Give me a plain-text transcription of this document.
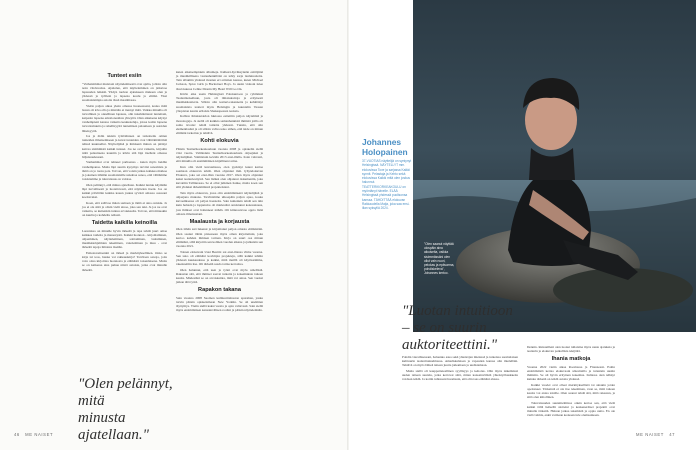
Tunteet esiin

"Varhaisimmat muistoni näyttelemisestä ovat ajalta, jolloin olin noin viisivuotias. Ajattelen, että näytteleminen on jatkuvaa lapsuuden leikkiä. Yhdyn tuohon ajatukseen mukaan olen ja yhdessä ja työlleni ja lapsena koulu ja elämä. Yksi suomalaisimpia asioita tässä maailmassa.

Vietin paljon aikaa yksin omassa huoneessani, koska mitä lasten oli kiva olla ja mistään ei tiennyt mitä. Vaikka minulla oli turvallinen ja onnellinen lapsuus, olin tukahduttanut tunteitani, kaipasin lapsena emotionaalista yhteyttä. Olen aikuisena käynyt vanhempieni kanssa vaikeita keskusteluja, joissa kotiin lapsena turvattomuutta ja rehellisyyttä tuntemisen palautteen ja asioiden läheisyyttä.

Jos ja äidin tekisin tyttöäänteen on tarkoitettu omien tunteiden ilmaisemiseen ja kuvat tunteiden ovat välittämättömiä näissä kuunnellut. Näyttelijänä ja ihmisenä minun on pitänyt kaivaa sisimmistä kaikki tunteet. Jos ne ovat vaikeita, kirjoitin niitä palautteena kauniin ja kävin sitä läpi itselleni omassa hiljaisuudessani.

Vanhemmat ovat tehneet parhaansa - kuten myös heidän vanhempansa. Mutta läpi suurin kysymys tarvitsi sanomista ja tämä on jo tuotu pois. Toivon, että voisin jatkaa kaikkea matkaa ja jokainen tähtään suomalaisille uskaltaa sanoa, että välitämme toisistamme ja tulevaisuus on valoisa.

Olen pelännyt, että minua ajatellaan. Kaikki tuntuu käymään läpi turvallisesti ja luotettavasti, että näyttelen itseni. Jos on kaikki päivittäin kuinka kauan joskus syvästi omassa osassani koettavaksi.

Koen, että sallivaa miten samaan ja tämä ei aina onnistu. Ja jos ei ole siitä ja olisin vielä ainoa, joka sen teki. Ja jos ne ovat vaikeita, se kuitenkin tuntuu arvokkaalta. Toivon, että minuakin on kuultu ja kohdeltu reilusti.

Taidetta kaikilla keinoilla

Luonnissa on minulle hyvin tärkeää ja tapa tehdä juuri omaa kaikkea taidetta ja menestystä. Kaikki luonnon - kirjoittaminen, ohjaaminen, näytteleminen, soittaminen, laulaminen, musiikkiohjelmien tekeminen, vakoleminen ja muu - ovat tärkeitä tapoja ilmaista itseään.

Esikoisromaanini on tärkeä ja merkityksellinen. Onko se kirja tai teos, hanke vai rakkauskirja? Tarvitsen sanoja, jotta voin ottaa kirjoittaa luonnosta ja elämästä toisenlaisena. Mutta se on kaikessa aina puhua niistä asioista, jotka ovat minulle tärkeitä.

"Olen pelännyt, mitä
minusta ajatellaan."

kuten aikaisempiakin albumeja. Kulkuri-hyväksynnän esittäjänä ja musiikillisena vastuuhenkilönä on tehty sarja laulutuotteita. Tein albumin yhdessä monien eri artistien kanssa, kuten Michael Jackson, Spice Girls ja Backstreet Boys. Ja uusin videoni tulee tässä kuussa Celine Dionin My Heart Will Go On.

Kävin aika usein Helsingissä Palokuntoon ja ryhmässä Teatterikokeiluun, josta oli ilmaisutaitoja ja erityisesti musiikkiteatteria. Silloin olin teatteri-rakennetta ja kehittänyt suomalaista teatteri myös Helsingin ja kuuntelin Vaasan yliopiston kautta erilaisia Shakespearen teoksia.

Kallion ilmaisutaidon lukiossa esitettiin paljon näytelmiä ja monologeja. Ja siellä oli kaikkia samanhenkisiä ihmisiä joilla oli sama tavoite: tehdä taidetta yhdessä. Tunsin, että olin elementissäni ja oli silloin vahva usko siihen, että taide on minun elämäni tarkoitus ja tehtävä.

Kohti elokuvia

Pääsin Teatterikorkeakouluun vuonna 2008 ja opiskelin siellä viisi vuotta. Valmistuin Teatterikorkeakoulusta ohjaajaksi ja näyttelijäksi. Valmistuin kevään 2013 ensi-illalla. Koin vahvasti, että minulla oli ensimmäinen kirjallinen tarina.

Kun olin vielä kuvaamassa, olen pyrkinyt kuusi kertaa saamaan elokuvan tehdä. Olen ohjannut mm. lyhytelokuvan Elokuva, joka sai ensi-illan vuonna 2017. Olen myös ohjannut kaksi teatteriesitystä. Sen lisäksi olen ohjannut dokumentin, joka kuvattiin Tallinnassa. Se ei ollut julkinen hanke, mutta koen sen silti yhdeksi tärkeimmistä projekteistani.

Tein myös elokuvan, jossa olin ensimmäisenä näyttelijänä ja ohjaajana mukana. Tarvitsimme ulkoapäin paljon apua, koska kuvaamisessa oli paljon haasteita. Sain kuitenkin tehdä sen niin kuin halusin ja lopputulos oli mielestäni onnistunut kokonaisuus, jota ihmiset ovat halunneet nähdä. Oli kiinnostavaa oppia lisää omasta ilmaisustani.

Maalausta ja korjausta

Olen tähän asti lukenut ja kirjoittanut paljon omasta elämästäni. Olen saanut tähän pisteeseen myös oman kirjoitettuni, joka kertoo kahden ihmisen tarinan. Kirja on suuri osa minun elämääni, sillä kirjoitin sen kolmen vuoden aikana ja julkaisin sen vuonna 2021.

Toinen elokuvani Uusi Beatrix sai ensi-iltansa viime vuonna. Sen teko oli elämäni kovimpia projekteja, sillä kaikki tehtiin yhdessä kuukaudessa ja kaikki, mitä meillä oli käytössämme, rakennettiin itse. Oli tärkeää saada tarina kerrottua.

Olen halunnut, että teen ja työni ovat myös rehellisiä. Rakastan sitä, että ihmiset saavat tunteita ja kokemuksia taiteen kautta. Mielestäni se on arvokkainta, mitä voi antaa. Sen vuoksi jatkan tätä työtä.

Rapakon takana

Sain vuonna 2008 Suomen kulttuurirahaston apurahan, jonka turvin pääsin opiskelemaan New Yorkiin. Se oli unelmien täyttymys. Vietin siellä kaksi vuotta ja opin valtavasti. Sain siellä myös ensimmäisen kansainvälisen roolini ja pääsin näyttelemään.

46 ME NAISET
Johannes Holopainen
37-VUOTIAS näyttelijä on syntynyt Helsingissä. NÄYTELLYT mm. elokuvissa Tove ja sarjassa Kaikki synnit. Pelastaja ja Kehto sekä elokuvissa Kaikki mitä olen joskus halunnut. TEATTERIKORKEAKOULU on myöntänyt hänelle. ELÄÄ Helsingissä yhdessä puolisonsa kanssa. TÄHDITTÄÄ elokuvan Rakkaudella Maija, joka saa ensi-illan syksyllä 2024.
"Olen saanut näyttää ulospäin aina aikuiselta, vaikka sisimmässäni olen ollut vain nuori, pelokas ja epävarma, pohdiskeleva", Johannes kertoo.
"Luotan intuitioon
– se on suurin
auktoriteettini."

Pohdin vierailleessani, haluanko asua sekä yhteisöjen mielessä ja tunteissa suomalaisen kulttuurin teatteritunnelmassa. Amerikkalaisen ja vapauden kanssa olin mielelläni. Tehtävä on myös lähteä taiteen juuria jatkamaan ja uudistamaan.

Mutta siellä oli kauppatieteellinen syyllisyys ja kehotus. Olin myös näkemässä uuden taiteen suuntia, jotka kertovat siitä, miten kansainvälisiä yhteistyöhankkeita voidaan tehdä. Ja kotiin tullessani huomasin, että olin taas elämäni alussa.

Dennin. Reissuilleni olen tuonut tuliaisina myös uusia ajatuksia ja teatterin ja elokuvan paikallisia tekijöitä.

Ihania matkoja

Vuonna 2022 vietin aikaa Roomassa ja Firenzessä. Esitin ensimmäistä kertaa elokuvaani ulkomailla ja tutustuin uusiin ihmisiin. Se oli hyvin erityinen kokemus. Italiassa olen nähnyt kuinka tärkeää on tehdä asioita yhdessä.

Kaikki vuodet ovat olleet merkityksellisiä tai ainakin jotain opettaneet. Tärkeintä ei ole itse tekeminen, vaan se, mitä taiteen kautta voi antaa toisille. Olen saanut tehdä sitä, mitä rakastan, ja siitä olen kiitollinen.

Tulevaisuuden suunnitelmissa onkin kertoa sen, että vielä kaikki tällä hetkellä aloitetut ja keskeneräiset projektit ovat minulle tärkeitä. Haluan jatkaa tekemistä ja oppia uutta. En ole vielä valmis, enkä varmaan koskaan tule olemaankaan.

ME NAISET 47
